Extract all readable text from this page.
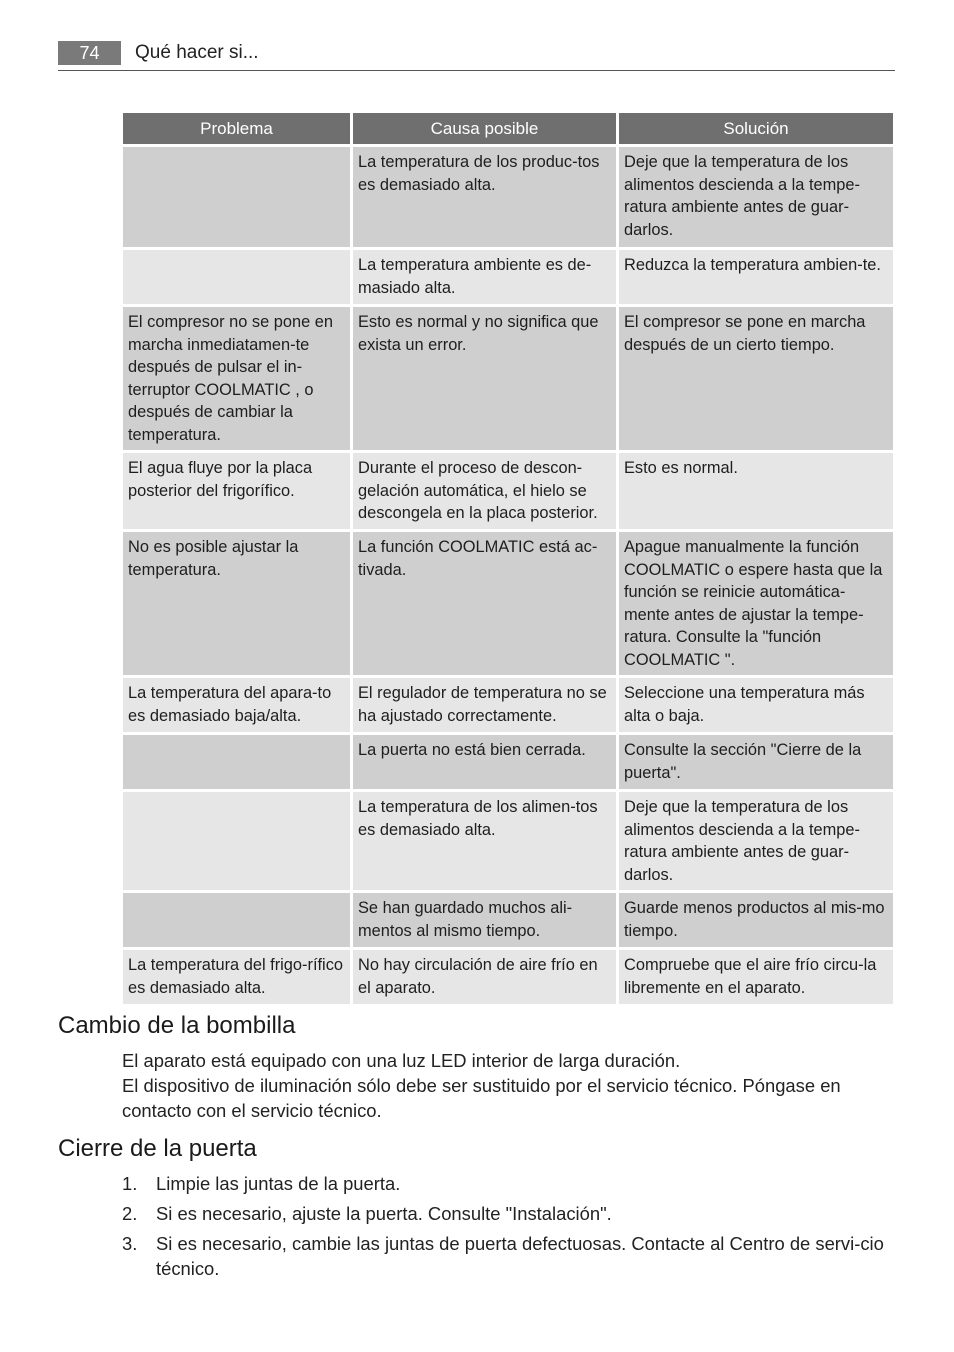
74	Qué hacer si...
Problema	Causa posible	Solución
	La temperatura de los produc-tos es demasiado alta.	Deje que la temperatura de los alimentos descienda a la tempe-ratura ambiente antes de guar-darlos.
	La temperatura ambiente es de-masiado alta.	Reduzca la temperatura ambien-te.
El compresor no se pone en marcha inmediatamen-te después de pulsar el in-terruptor COOLMATIC , o después de cambiar la temperatura.	Esto es normal y no significa que exista un error.	El compresor se pone en marcha después de un cierto tiempo.
El agua fluye por la placa posterior del frigorífico.	Durante el proceso de descon-gelación automática, el hielo se descongela en la placa posterior.	Esto es normal.
No es posible ajustar la temperatura.	La función COOLMATIC está ac-tivada.	Apague manualmente la función COOLMATIC o espere hasta que la función se reinicie automática-mente antes de ajustar la tempe-ratura. Consulte la "función COOLMATIC ".
La temperatura del apara-to es demasiado baja/alta.	El regulador de temperatura no se ha ajustado correctamente.	Seleccione una temperatura más alta o baja.
	La puerta no está bien cerrada.	Consulte la sección "Cierre de la puerta".
	La temperatura de los alimen-tos es demasiado alta.	Deje que la temperatura de los alimentos descienda a la tempe-ratura ambiente antes de guar-darlos.
	Se han guardado muchos ali-mentos al mismo tiempo.	Guarde menos productos al mis-mo tiempo.
La temperatura del frigo-rífico es demasiado alta.	No hay circulación de aire frío en el aparato.	Compruebe que el aire frío circu-la libremente en el aparato.
Cambio de la bombilla

El aparato está equipado con una luz LED interior de larga duración.

El dispositivo de iluminación sólo debe ser sustituido por el servicio técnico. Póngase en contacto con el servicio técnico.

Cierre de la puerta
1. Limpie las juntas de la puerta.
2. Si es necesario, ajuste la puerta. Consulte "Instalación".
3. Si es necesario, cambie las juntas de puerta defectuosas. Contacte al Centro de servi-cio técnico.
